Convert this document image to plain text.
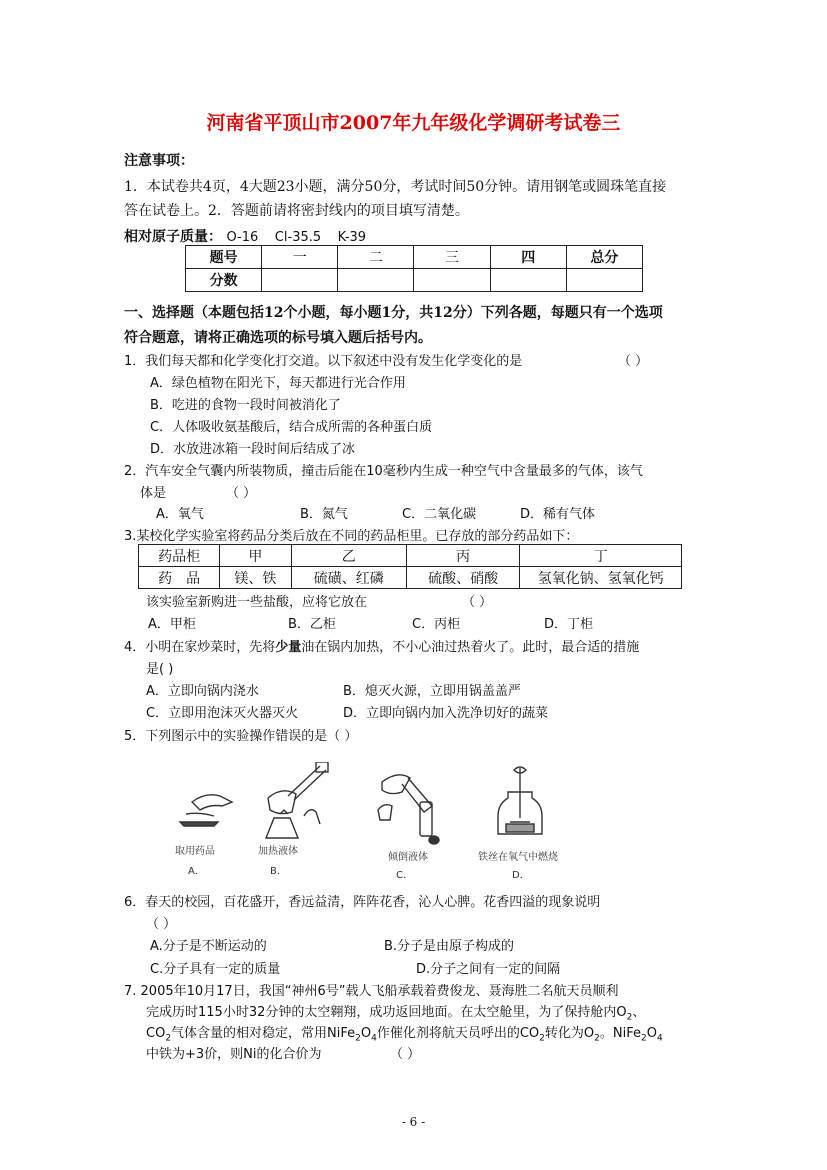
河南省平顶山市2007年九年级化学调研考试卷三
注意事项：
1．本试卷共4页，4大题23小题，满分50分，考试时间50分钟。请用钢笔或圆珠笔直接
答在试卷上。2．答题前请将密封线内的项目填写清楚。
相对原子质量： O-16    Cl-35.5    K-39
题号	一	二	三	四	总分
分数					
一、选择题（本题包括12个小题，每小题1分，共12分）下列各题，每题只有一个选项
符合题意，请将正确选项的标号填入题后括号内。
1．我们每天都和化学变化打交道。以下叙述中没有发生化学变化的是	（ ）
A．绿色植物在阳光下，每天都进行光合作用
B．吃进的食物一段时间被消化了
C．人体吸收氨基酸后，结合成所需的各种蛋白质
D．水放进冰箱一段时间后结成了冰
2．汽车安全气囊内所装物质，撞击后能在10毫秒内生成一种空气中含量最多的气体，该气
体是	（ ）
A．氧气	B．氮气	C．二氧化碳	D．稀有气体
3.某校化学实验室将药品分类后放在不同的药品柜里。已存放的部分药品如下：
药品柜	甲	乙	丙	丁
药　品	镁、铁	硫磺、红磷	硫酸、硝酸	氢氧化钠、氢氧化钙
该实验室新购进一些盐酸，应将它放在	（ ）
A．甲柜	B．乙柜	C．丙柜	D．丁柜
4．小明在家炒菜时，先将少量油在锅内加热，不小心油过热着火了。此时，最合适的措施
是( )
A．立即向锅内浇水	B．熄灭火源，立即用锅盖盖严
C．立即用泡沫灭火器灭火	D．立即向锅内加入洗净切好的蔬菜
5．下列图示中的实验操作错误的是（ ）
取用药品	加热液体
倾倒液体	铁丝在氧气中燃烧
A．	B．	C．	D．
6．春天的校园，百花盛开，香远益清，阵阵花香，沁人心脾。花香四溢的现象说明
（ ）
A.分子是不断运动的	B.分子是由原子构成的
C.分子具有一定的质量	D.分子之间有一定的间隔
7. 2005年10月17日，我国“神州6号”载人飞船承载着费俊龙、聂海胜二名航天员顺利
完成历时115小时32分钟的太空翱翔，成功返回地面。在太空舱里，为了保持舱内$O_2$、
$CO_2$气体含量的相对稳定，常用$NiFe_2O_4$作催化剂将航天员呼出的$CO_2$转化为$O_2$。$NiFe_2O_4$
中铁为+3价，则Ni的化合价为	（ ）
- 6 -
